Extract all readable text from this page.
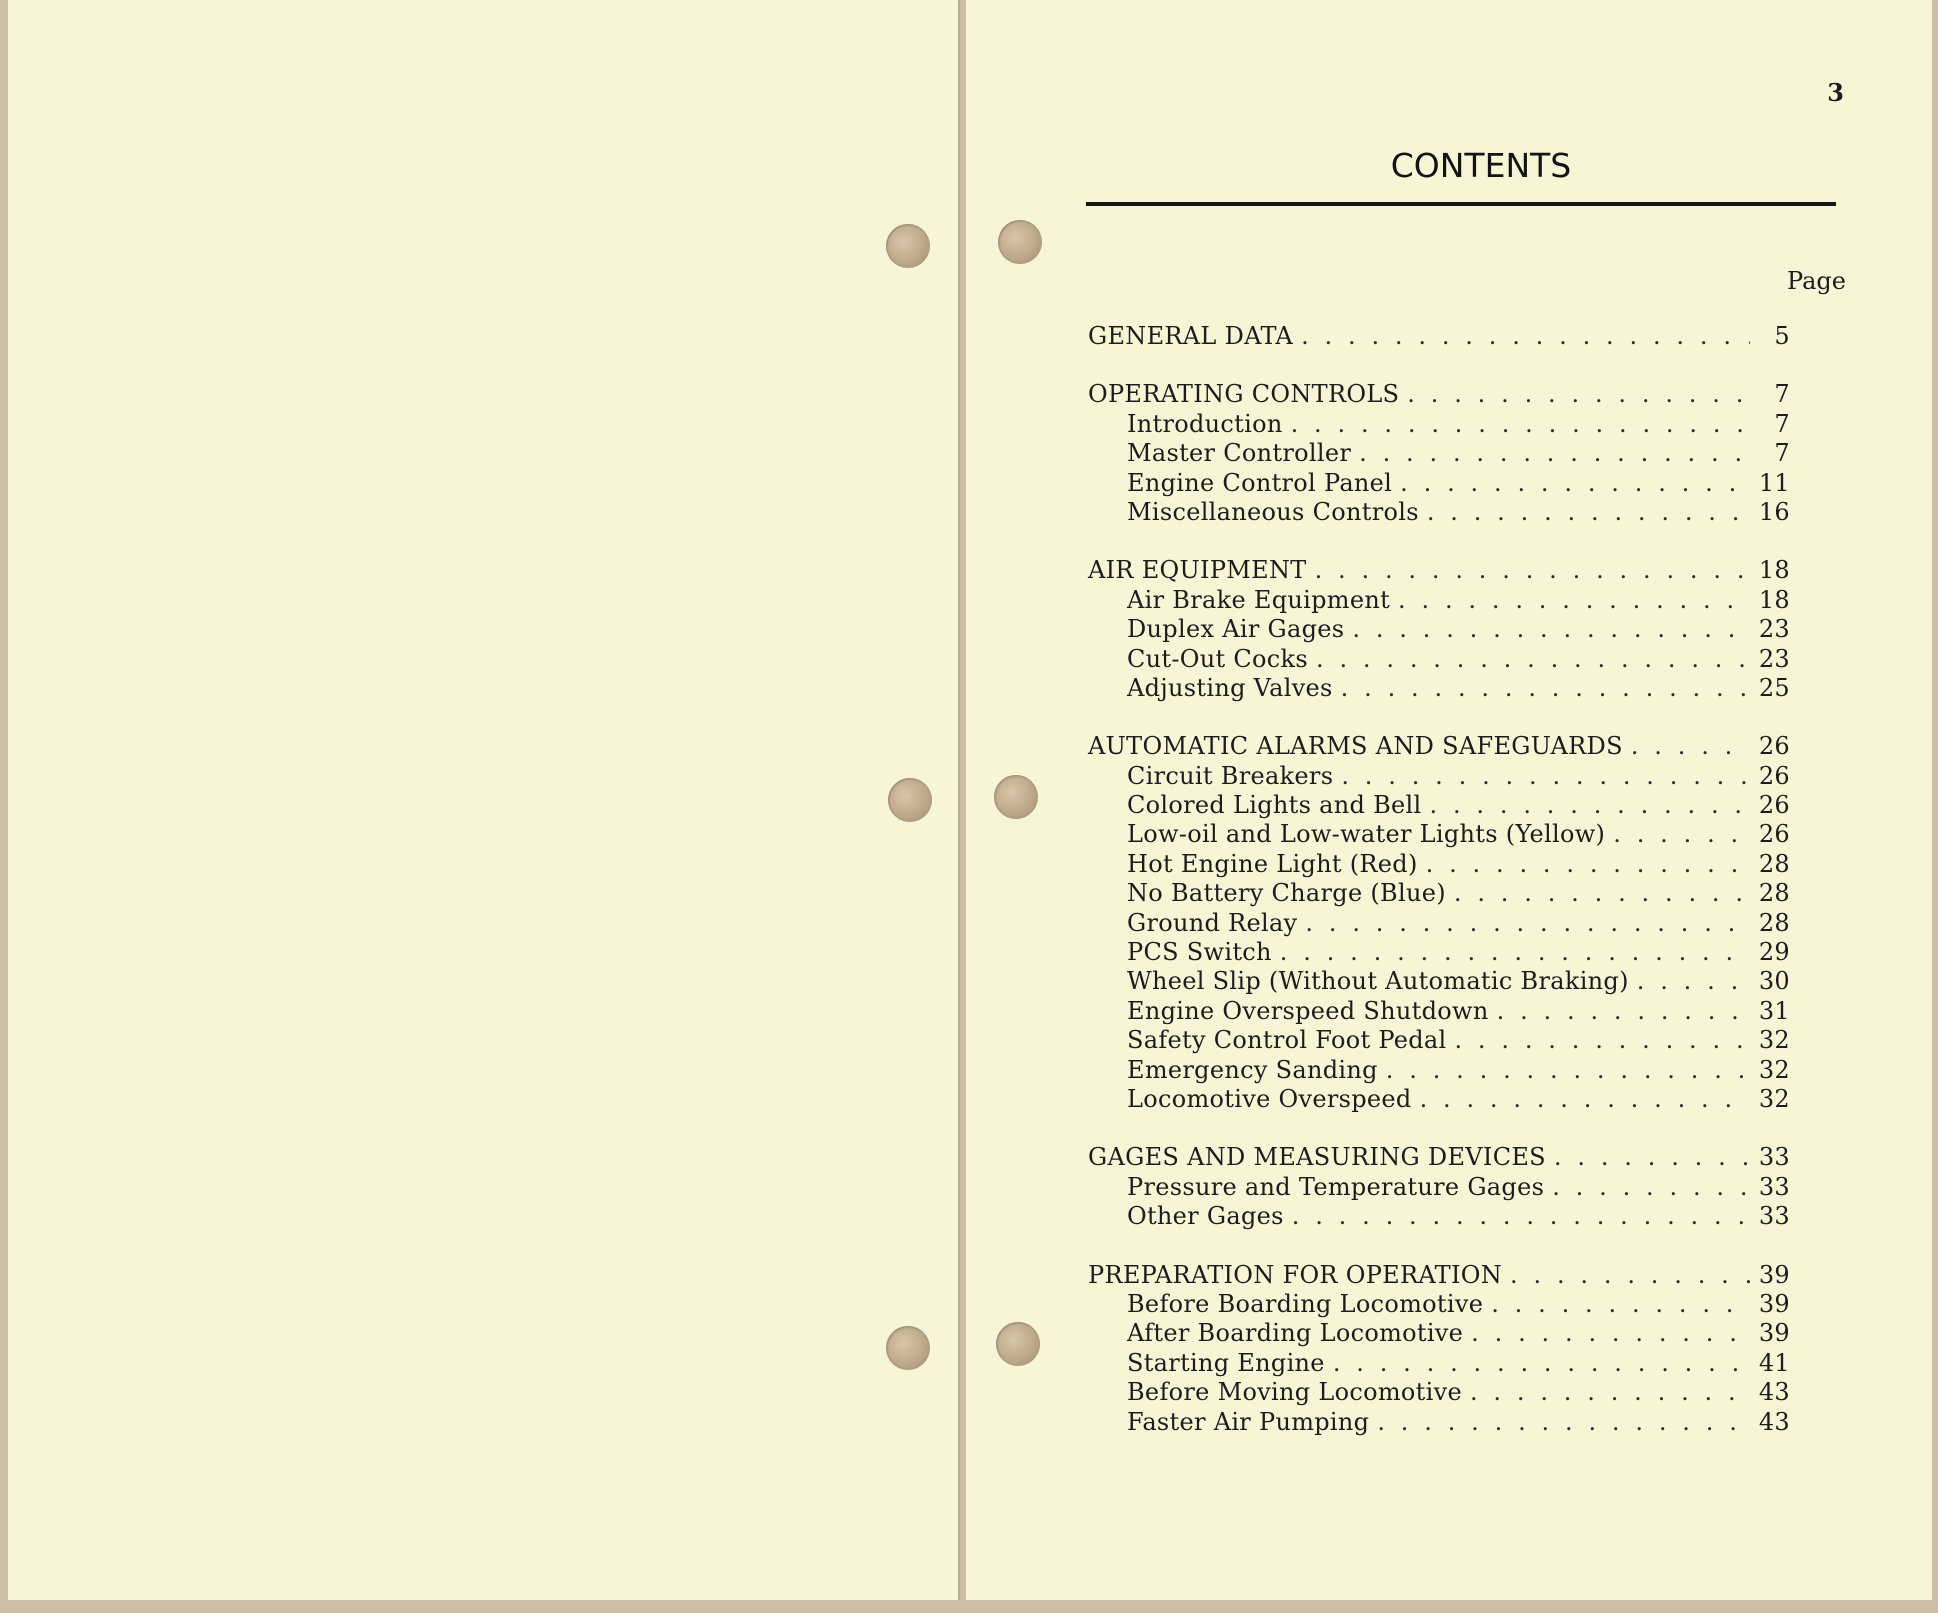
3
CONTENTS
Page
GENERAL DATA . . .	5
OPERATING CONTROLS . . .	7
Introduction . . .	7
Master Controller . . .	7
Engine Control Panel . . .	11
Miscellaneous Controls . . .	16
AIR EQUIPMENT . . .	18
Air Brake Equipment . . .	18
Duplex Air Gages . . .	23
Cut-Out Cocks . . .	23
Adjusting Valves . . .	25
AUTOMATIC ALARMS AND SAFEGUARDS . . .	26
Circuit Breakers . . .	26
Colored Lights and Bell . . .	26
Low-oil and Low-water Lights (Yellow) . . .	26
Hot Engine Light (Red) . . .	28
No Battery Charge (Blue) . . .	28
Ground Relay . . .	28
PCS Switch . . .	29
Wheel Slip (Without Automatic Braking) . . .	30
Engine Overspeed Shutdown . . .	31
Safety Control Foot Pedal . . .	32
Emergency Sanding . . .	32
Locomotive Overspeed . . .	32
GAGES AND MEASURING DEVICES . . .	33
Pressure and Temperature Gages . . .	33
Other Gages . . .	33
PREPARATION FOR OPERATION . . .	39
Before Boarding Locomotive . . .	39
After Boarding Locomotive . . .	39
Starting Engine . . .	41
Before Moving Locomotive . . .	43
Faster Air Pumping . . .	43
